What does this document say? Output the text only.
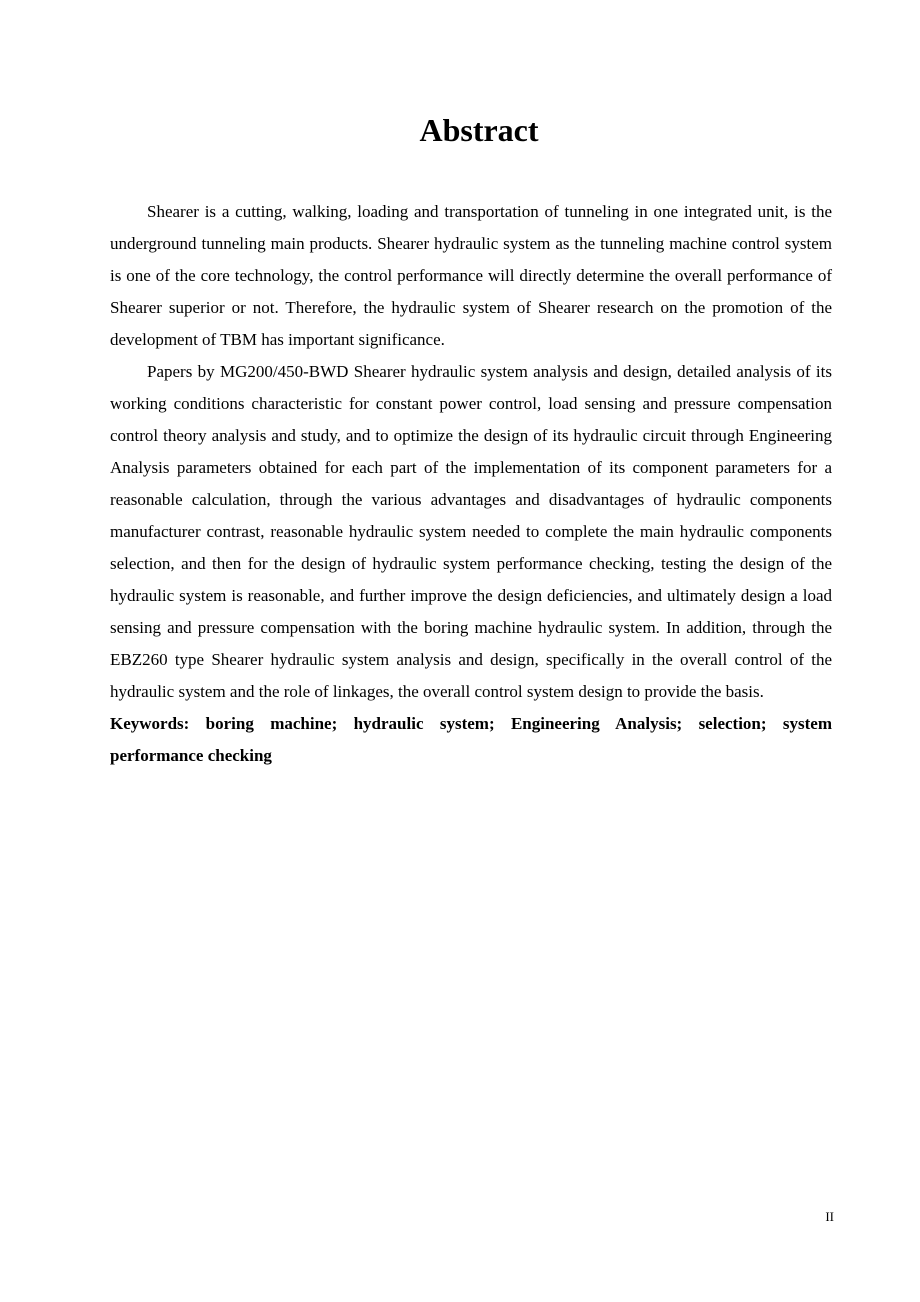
Abstract

Shearer is a cutting, walking, loading and transportation of tunneling in one integrated unit, is the underground tunneling main products. Shearer hydraulic system as the tunneling machine control system is one of the core technology, the control performance will directly determine the overall performance of Shearer superior or not. Therefore, the hydraulic system of Shearer research on the promotion of the development of TBM has important significance.

Papers by MG200/450-BWD Shearer hydraulic system analysis and design, detailed analysis of its working conditions characteristic for constant power control, load sensing and pressure compensation control theory analysis and study, and to optimize the design of its hydraulic circuit through Engineering Analysis parameters obtained for each part of the implementation of its component parameters for a reasonable calculation, through the various advantages and disadvantages of hydraulic components manufacturer contrast, reasonable hydraulic system needed to complete the main hydraulic components selection, and then for the design of hydraulic system performance checking, testing the design of the hydraulic system is reasonable, and further improve the design deficiencies, and ultimately design a load sensing and pressure compensation with the boring machine hydraulic system. In addition, through the EBZ260 type Shearer hydraulic system analysis and design, specifically in the overall control of the hydraulic system and the role of linkages, the overall control system design to provide the basis.

Keywords: boring machine; hydraulic system; Engineering Analysis; selection; system performance checking

II
